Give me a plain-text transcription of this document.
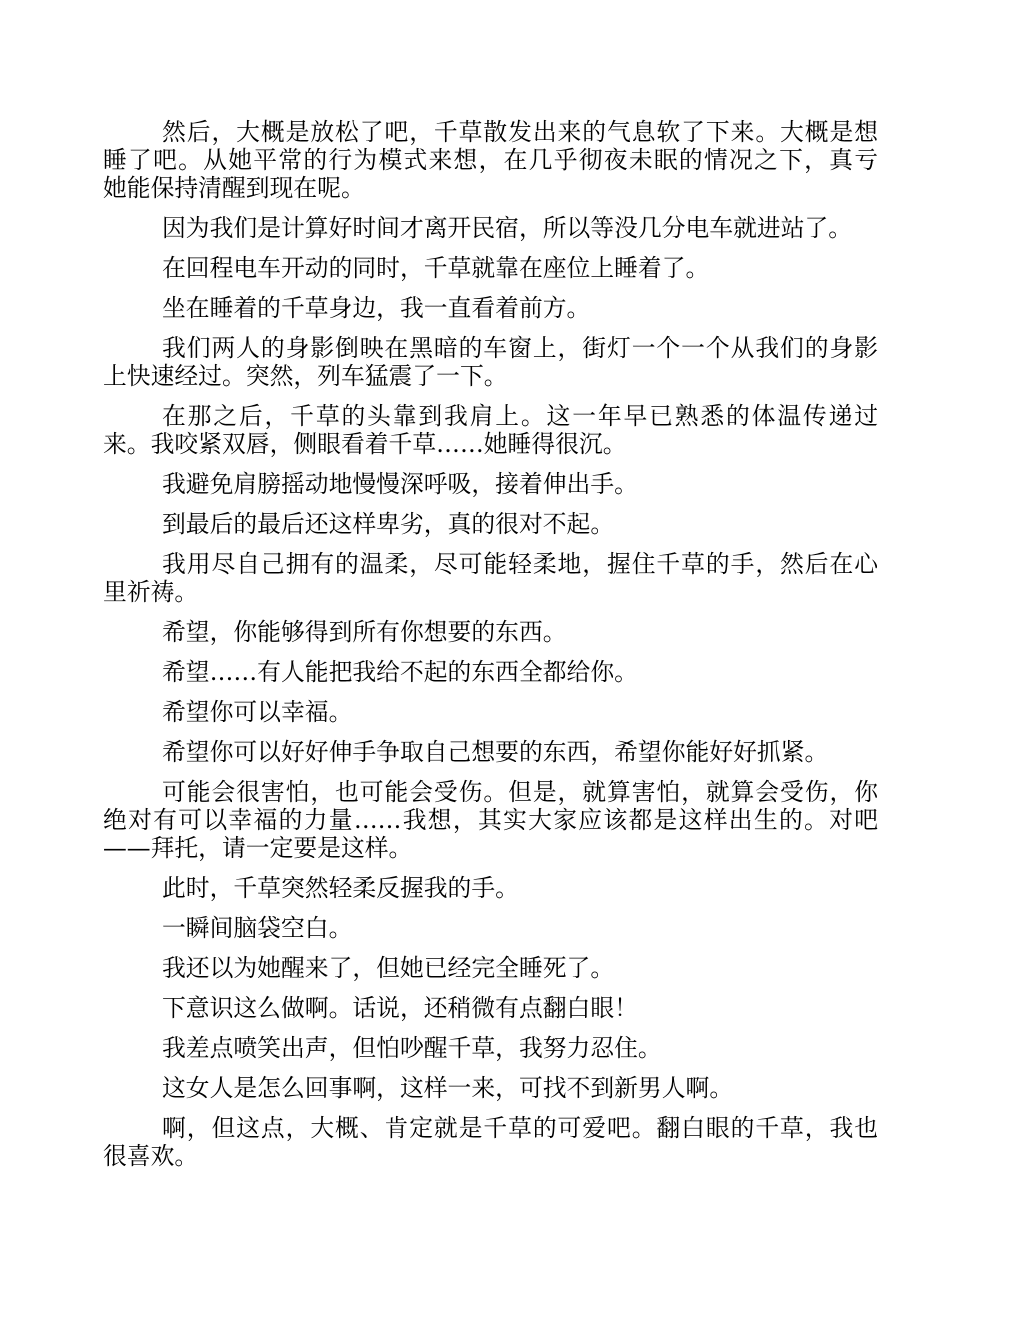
然后，大概是放松了吧，千草散发出来的气息软了下来。大概是想
睡了吧。从她平常的行为模式来想，在几乎彻夜未眠的情况之下，真亏
她能保持清醒到现在呢。
因为我们是计算好时间才离开民宿，所以等没几分电车就进站了。
在回程电车开动的同时，千草就靠在座位上睡着了。
坐在睡着的千草身边，我一直看着前方。
我们两人的身影倒映在黑暗的车窗上，街灯一个一个从我们的身影
上快速经过。突然，列车猛震了一下。
在那之后，千草的头靠到我肩上。这一年早已熟悉的体温传递过
来。我咬紧双唇，侧眼看着千草……她睡得很沉。
我避免肩膀摇动地慢慢深呼吸，接着伸出手。
到最后的最后还这样卑劣，真的很对不起。
我用尽自己拥有的温柔，尽可能轻柔地，握住千草的手，然后在心
里祈祷。
希望，你能够得到所有你想要的东西。
希望……有人能把我给不起的东西全都给你。
希望你可以幸福。
希望你可以好好伸手争取自己想要的东西，希望你能好好抓紧。
可能会很害怕，也可能会受伤。但是，就算害怕，就算会受伤，你
绝对有可以幸福的力量……我想，其实大家应该都是这样出生的。对吧
——拜托，请一定要是这样。
此时，千草突然轻柔反握我的手。
一瞬间脑袋空白。
我还以为她醒来了，但她已经完全睡死了。
下意识这么做啊。话说，还稍微有点翻白眼！
我差点喷笑出声，但怕吵醒千草，我努力忍住。
这女人是怎么回事啊，这样一来，可找不到新男人啊。
啊，但这点，大概、肯定就是千草的可爱吧。翻白眼的千草，我也
很喜欢。
